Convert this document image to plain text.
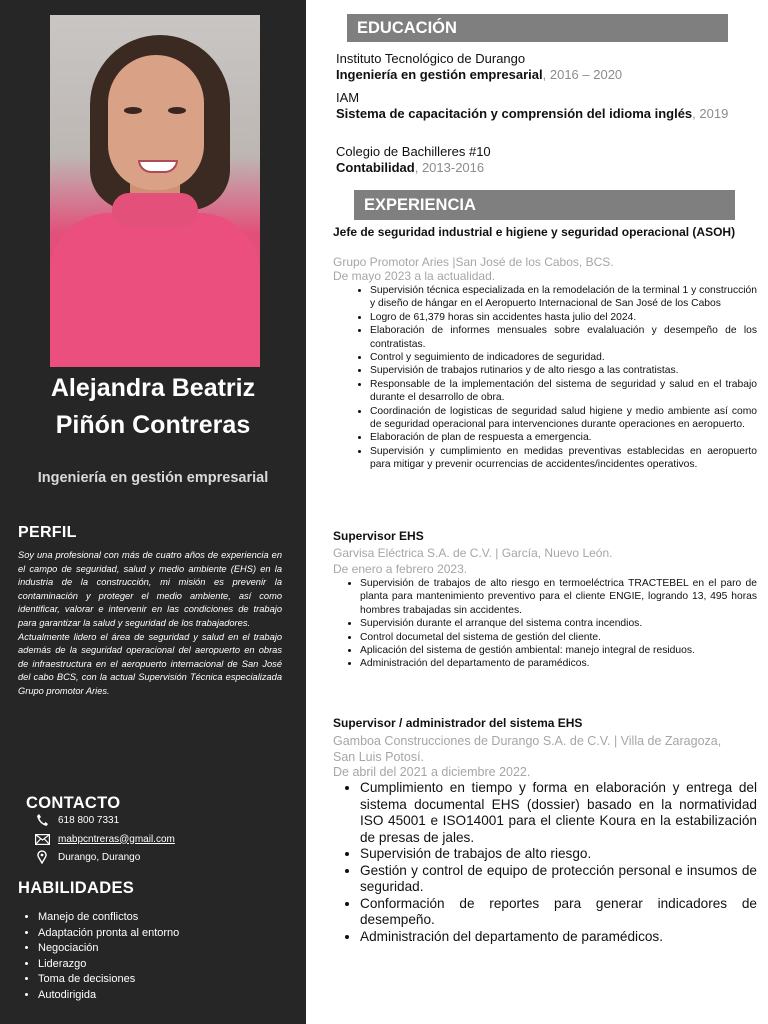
Alejandra Beatriz
Piñón Contreras
Ingeniería en gestión empresarial
PERFIL

Soy una profesional con más de cuatro años de experiencia en el campo de seguridad, salud y medio ambiente (EHS) en la industria de la construcción, mi misión es prevenir la contaminación y proteger el medio ambiente, así como identificar, valorar e intervenir en las condiciones de trabajo para garantizar la salud y seguridad de los trabajadores.

Actualmente lidero el área de seguridad y salud en el trabajo además de la seguridad operacional del aeropuerto en obras de infraestructura en el aeropuerto internacional de San José del cabo BCS, con la actual Supervisión Técnica especializada Grupo promotor Aries.

CONTACTO
618 800 7331
mabpcntreras@gmail.com
Durango, Durango
HABILIDADES
• Manejo de conflictos
• Adaptación pronta al entorno
• Negociación
• Liderazgo
• Toma de decisiones
• Autodirigida
EDUCACIÓN
Instituto Tecnológico de Durango
Ingeniería en gestión empresarial, 2016 – 2020
IAM
Sistema de capacitación y comprensión del idioma inglés, 2019
Colegio de Bachilleres #10
Contabilidad, 2013-2016
EXPERIENCIA
Jefe de seguridad industrial e higiene y seguridad operacional (ASOH)
Grupo Promotor Aries |San José de los Cabos, BCS.
De mayo 2023 a la actualidad.
• Supervisión técnica especializada en la remodelación de la terminal 1 y construcción y diseño de hángar en el Aeropuerto Internacional de San José de los Cabos
• Logro de 61,379 horas sin accidentes hasta julio del 2024.
• Elaboración de informes mensuales sobre evalaluación y desempeño de los contratistas.
• Control y seguimiento de indicadores de seguridad.
• Supervisión de trabajos rutinarios y de alto riesgo a las contratistas.
• Responsable de la implementación del sistema de seguridad y salud en el trabajo durante el desarrollo de obra.
• Coordinación de logisticas de seguridad salud higiene y medio ambiente así como de seguridad operacional para intervenciones durante operaciones en aeropuerto.
• Elaboración de plan de respuesta a emergencia.
• Supervisión y cumplimiento en medidas preventivas establecidas en aeropuerto para mitigar y prevenir ocurrencias de accidentes/incidentes operativos.
Supervisor EHS
Garvisa Eléctrica S.A. de C.V. | García, Nuevo León.
De enero a febrero 2023.
• Supervisión de trabajos de alto riesgo en termoeléctrica TRACTEBEL en el paro de planta para mantenimiento preventivo para el cliente ENGIE, logrando 13, 495 horas hombres trabajadas sin accidentes.
• Supervisión durante el arranque del sistema contra incendios.
• Control documetal del sistema de gestión del cliente.
• Aplicación del sistema de gestión ambiental: manejo integral de residuos.
• Administración del departamento de paramédicos.
Supervisor / administrador del sistema EHS
Gamboa Construcciones de Durango S.A. de C.V. | Villa de Zaragoza, San Luis Potosí.
De abril del 2021 a diciembre 2022.
• Cumplimiento en tiempo y forma en elaboración y entrega del sistema documental EHS (dossier) basado en la normatividad ISO 45001 e ISO14001 para el cliente Koura en la estabilización de presas de jales.
• Supervisión de trabajos de alto riesgo.
• Gestión y control de equipo de protección personal e insumos de seguridad.
• Conformación de reportes para generar indicadores de desempeño.
• Administración del departamento de paramédicos.
